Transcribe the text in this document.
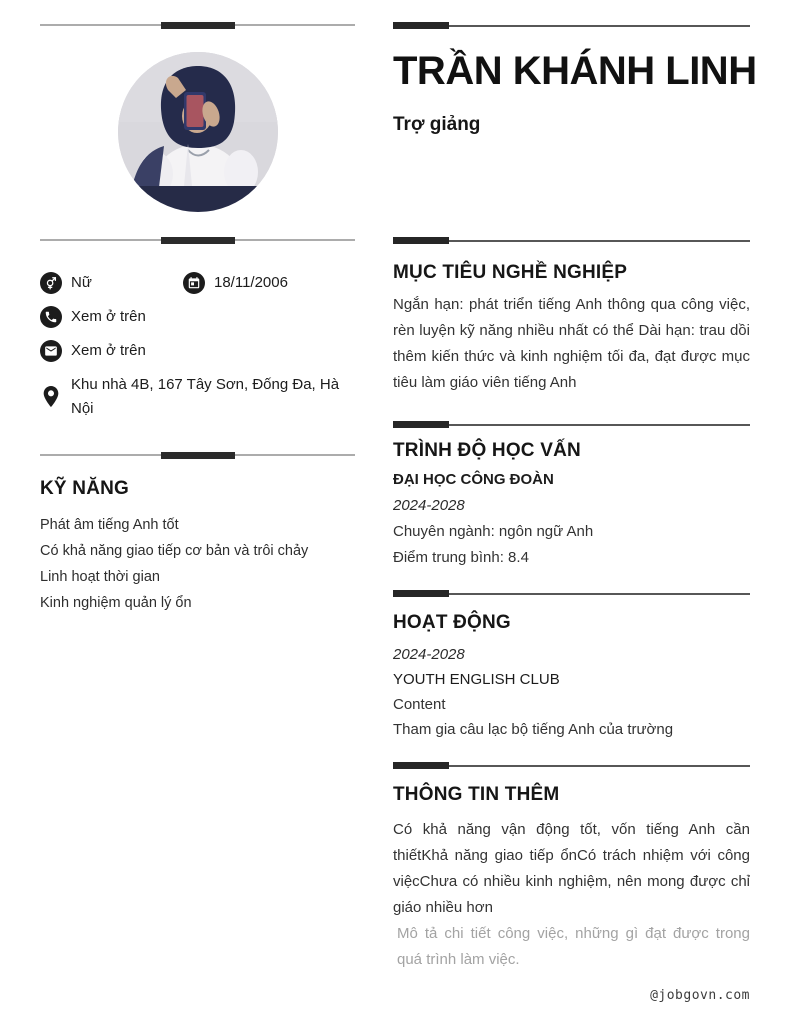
Nữ	18/11/2006
Xem ở trên
Xem ở trên
Khu nhà 4B, 167 Tây Sơn, Đống Đa, Hà Nội
KỸ NĂNG
Phát âm tiếng Anh tốt
Có khả năng giao tiếp cơ bản và trôi chảy
Linh hoạt thời gian
Kinh nghiệm quản lý ổn
TRẦN KHÁNH LINH
Trợ giảng
MỤC TIÊU NGHỀ NGHIỆP
Ngắn hạn: phát triển tiếng Anh thông qua công việc, rèn luyện kỹ năng nhiều nhất có thể Dài hạn: trau dồi thêm kiến thức và kinh nghiệm tối đa, đạt được mục tiêu làm giáo viên tiếng Anh
TRÌNH ĐỘ HỌC VẤN
ĐẠI HỌC CÔNG ĐOÀN
2024-2028
Chuyên ngành: ngôn ngữ Anh
Điểm trung bình: 8.4
HOẠT ĐỘNG
2024-2028
YOUTH ENGLISH CLUB
Content
Tham gia câu lạc bộ tiếng Anh của trường
THÔNG TIN THÊM
Có khả năng vận động tốt, vốn tiếng Anh cần thiếtKhả năng giao tiếp ổnCó trách nhiệm với công việcChưa có nhiều kinh nghiệm, nên mong được chỉ giáo nhiều hơn
Mô tả chi tiết công việc, những gì đạt được trong quá trình làm việc.
@jobgovn.com
